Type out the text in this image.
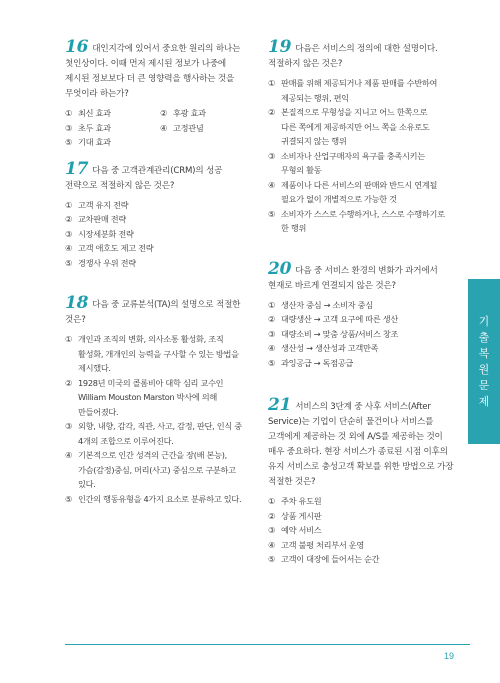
16 대인지각에 있어서 중요한 원리의 하나는
첫인상이다. 이때 먼저 제시된 정보가 나중에
제시된 정보보다 더 큰 영향력을 행사하는 것을
무엇이라 하는가?
① 최신 효과	② 후광 효과
③ 초두 효과	④ 고정관념
⑤ 기대 효과
17 다음 중 고객관계관리(CRM)의 성공
전략으로 적절하지 않은 것은?
① 고객 유지 전략
② 교차판매 전략
③ 시장세분화 전략
④ 고객 애호도 제고 전략
⑤ 경쟁사 우위 전략
18 다음 중 교류분석(TA)의 설명으로 적절한
것은?
① 개인과 조직의 변화, 의사소통 활성화, 조직
활성화, 개개인의 능력을 구사할 수 있는 방법을
제시했다.
② 1928년 미국의 콜롬비아 대학 심리 교수인
William Mouston Marston 박사에 의해
만들어졌다.
③ 외향, 내향, 감각, 직관, 사고, 감정, 판단, 인식 중
4개의 조합으로 이루어진다.
④ 기본적으로 인간 성격의 근간을 장(배 본능),
가슴(감정)중심, 머리(사고) 중심으로 구분하고
있다.
⑤ 인간의 행동유형을 4가지 요소로 분류하고 있다.
19 다음은 서비스의 정의에 대한 설명이다.
적절하지 않은 것은?
① 판매를 위해 제공되거나 제품 판매를 수반하여
제공되는 행위, 편익
② 본질적으로 무형성을 지니고 어느 한쪽으로
다른 쪽에게 제공하지만 어느 쪽을 소유로도
귀결되지 않는 행위
③ 소비자나 산업구매자의 욕구를 충족시키는
무형의 활동
④ 제품이나 다른 서비스의 판매와 반드시 연계될
필요가 없이 개별적으로 가능한 것
⑤ 소비자가 스스로 수행하거나, 스스로 수행하기로
한 행위
20 다음 중 서비스 환경의 변화가 과거에서
현재로 바르게 연결되지 않은 것은?
① 생산자 중심 → 소비자 중심
② 대량생산 → 고객 요구에 따른 생산
③ 대량소비 → 맞춤 상품/서비스 창조
④ 생산성 → 생산성과 고객만족
⑤ 과잉공급 → 독점공급
21 서비스의 3단계 중 사후 서비스(After
Service)는 기업이 단순히 물건이나 서비스를
고객에게 제공하는 것 외에 A/S를 제공하는 것이
매우 중요하다. 현장 서비스가 종료된 시점 이후의
유지 서비스로 충성고객 확보를 위한 방법으로 가장
적절한 것은?
① 주차 유도원
② 상품 게시판
③ 예약 서비스
④ 고객 불평 처리부서 운영
⑤ 고객이 대장에 들어서는 순간
기
출
복
원
문
제
19
